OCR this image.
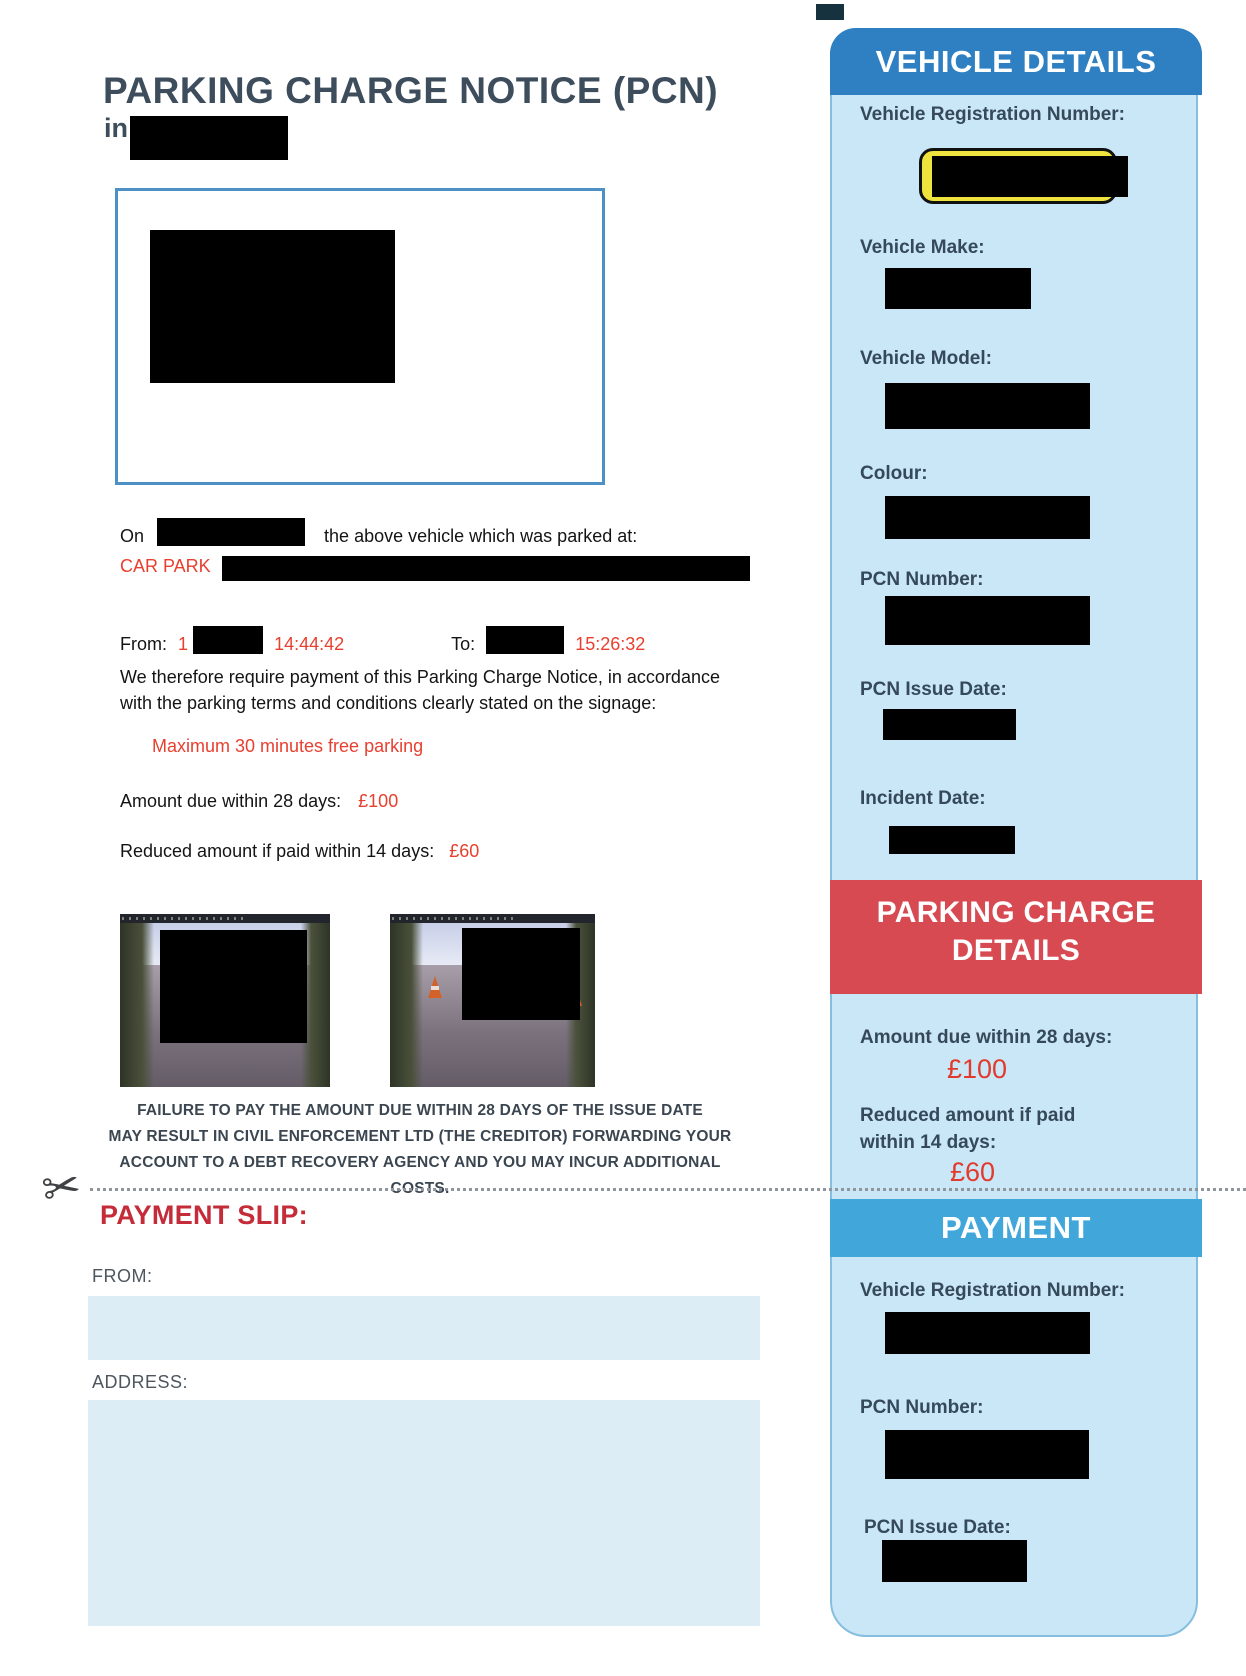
PARKING CHARGE NOTICE (PCN)
in
On	the above vehicle which was parked at:
CAR PARK
From: 1	14:44:42	To:	15:26:32
We therefore require payment of this Parking Charge Notice, in accordance
with the parking terms and conditions clearly stated on the signage:
Maximum 30 minutes free parking
Amount due within 28 days: £100
Reduced amount if paid within 14 days: £60
FAILURE TO PAY THE AMOUNT DUE WITHIN 28 DAYS OF THE ISSUE DATE
MAY RESULT IN CIVIL ENFORCEMENT LTD (THE CREDITOR) FORWARDING YOUR
ACCOUNT TO A DEBT RECOVERY AGENCY AND YOU MAY INCUR ADDITIONAL COSTS.
✂ PAYMENT SLIP:
FROM:
ADDRESS:
VEHICLE DETAILS
Vehicle Registration Number:
Vehicle Make:
Vehicle Model:
Colour:
PCN Number:
PCN Issue Date:
Incident Date:
PARKING CHARGE
DETAILS
Amount due within 28 days:
£100
Reduced amount if paid
within 14 days:
£60
PAYMENT
Vehicle Registration Number:
PCN Number:
PCN Issue Date:
